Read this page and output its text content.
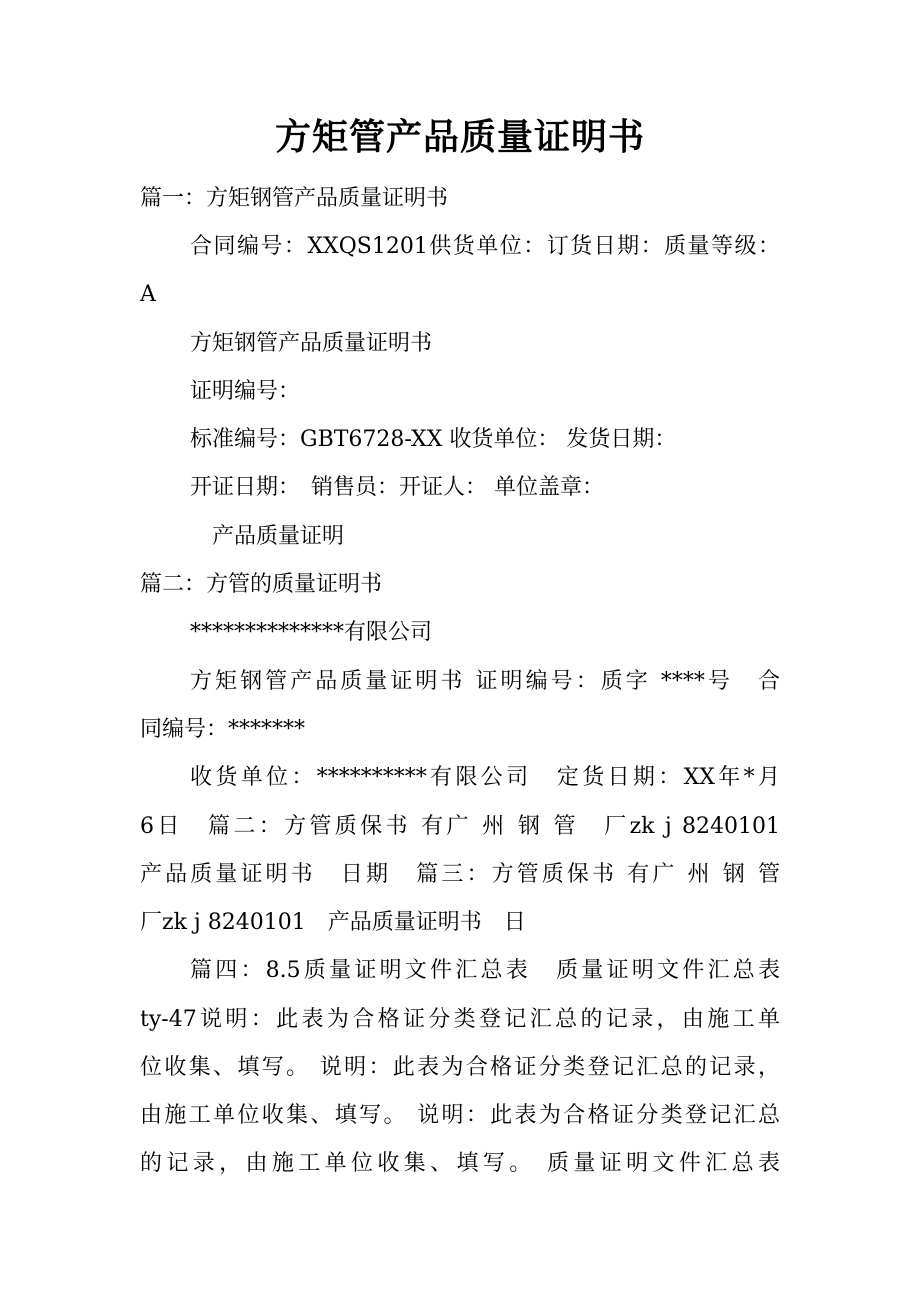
方矩管产品质量证明书
篇一：方矩钢管产品质量证明书
合同编号：XXQS1201供货单位：订货日期：质量等级：
A
方矩钢管产品质量证明书
证明编号：
标准编号：GBT6728-XX 收货单位： 发货日期：
开证日期：　销售员：开证人： 单位盖章：
产品质量证明
篇二：方管的质量证明书
**************有限公司
方矩钢管产品质量证明书 证明编号：质字 ****号　合
同编号：*******
收货单位：**********有限公司　定货日期：XX年*月
6日　篇二：方管质保书 有广 州 钢 管　厂zk j 8240101
产品质量证明书　日期　篇三：方管质保书 有广 州 钢 管
厂zk j 8240101　产品质量证明书　日
篇四：8.5质量证明文件汇总表　质量证明文件汇总表
ty-47说明：此表为合格证分类登记汇总的记录，由施工单
位收集、填写。 说明：此表为合格证分类登记汇总的记录，
由施工单位收集、填写。 说明：此表为合格证分类登记汇总
的记录，由施工单位收集、填写。 质量证明文件汇总表
